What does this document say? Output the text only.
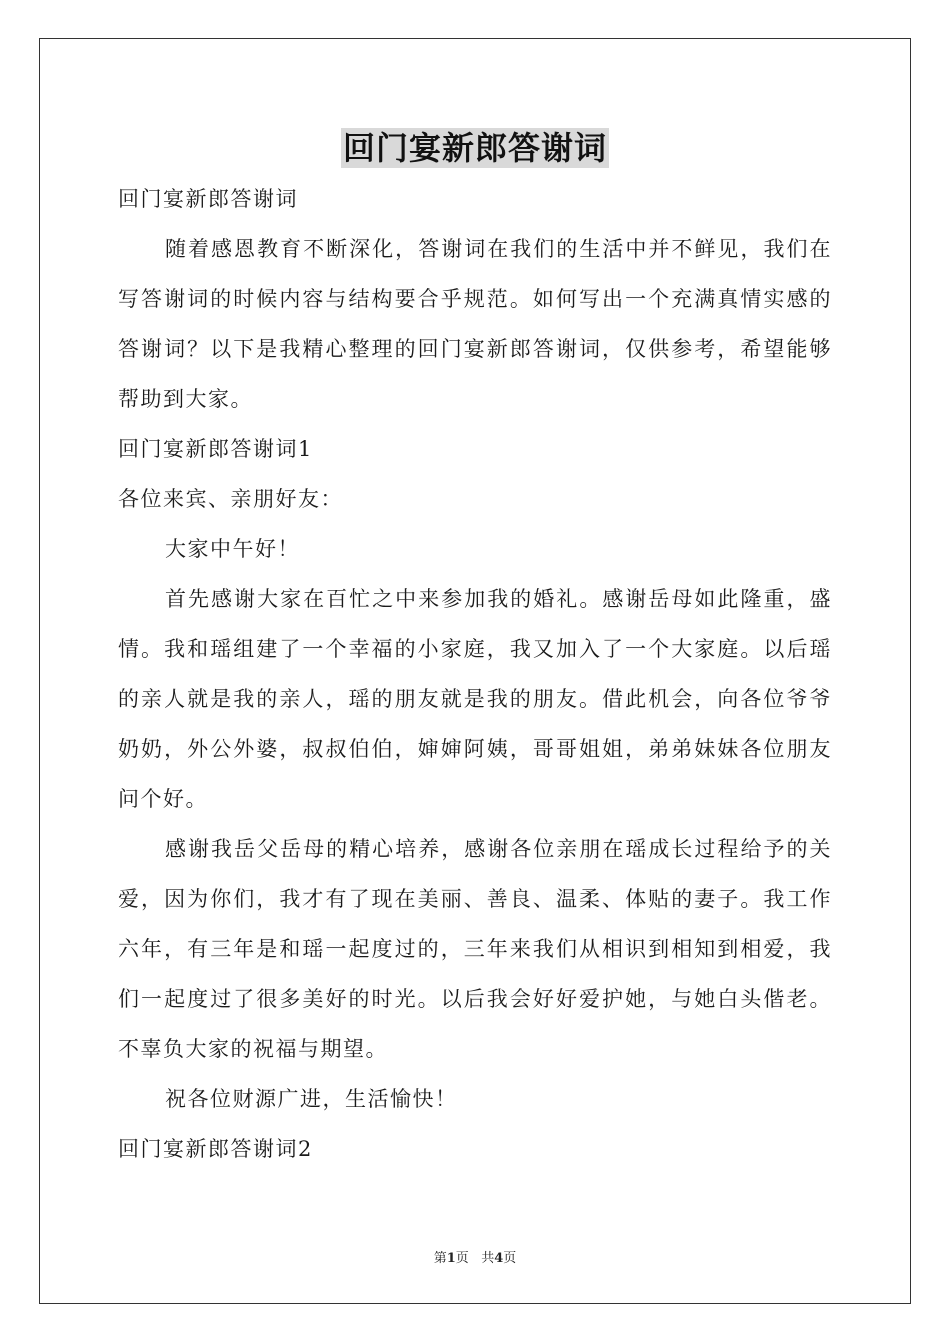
回门宴新郎答谢词

回门宴新郎答谢词

随着感恩教育不断深化，答谢词在我们的生活中并不鲜见，我们在写答谢词的时候内容与结构要合乎规范。如何写出一个充满真情实感的答谢词？以下是我精心整理的回门宴新郎答谢词，仅供参考，希望能够帮助到大家。

回门宴新郎答谢词1

各位来宾、亲朋好友：

大家中午好！

首先感谢大家在百忙之中来参加我的婚礼。感谢岳母如此隆重，盛情。我和瑶组建了一个幸福的小家庭，我又加入了一个大家庭。以后瑶的亲人就是我的亲人，瑶的朋友就是我的朋友。借此机会，向各位爷爷奶奶，外公外婆，叔叔伯伯，婶婶阿姨，哥哥姐姐，弟弟妹妹各位朋友问个好。

感谢我岳父岳母的精心培养，感谢各位亲朋在瑶成长过程给予的关爱，因为你们，我才有了现在美丽、善良、温柔、体贴的妻子。我工作六年，有三年是和瑶一起度过的，三年来我们从相识到相知到相爱，我们一起度过了很多美好的时光。以后我会好好爱护她，与她白头偕老。不辜负大家的祝福与期望。

祝各位财源广进，生活愉快！

回门宴新郎答谢词2

第1页 共4页
